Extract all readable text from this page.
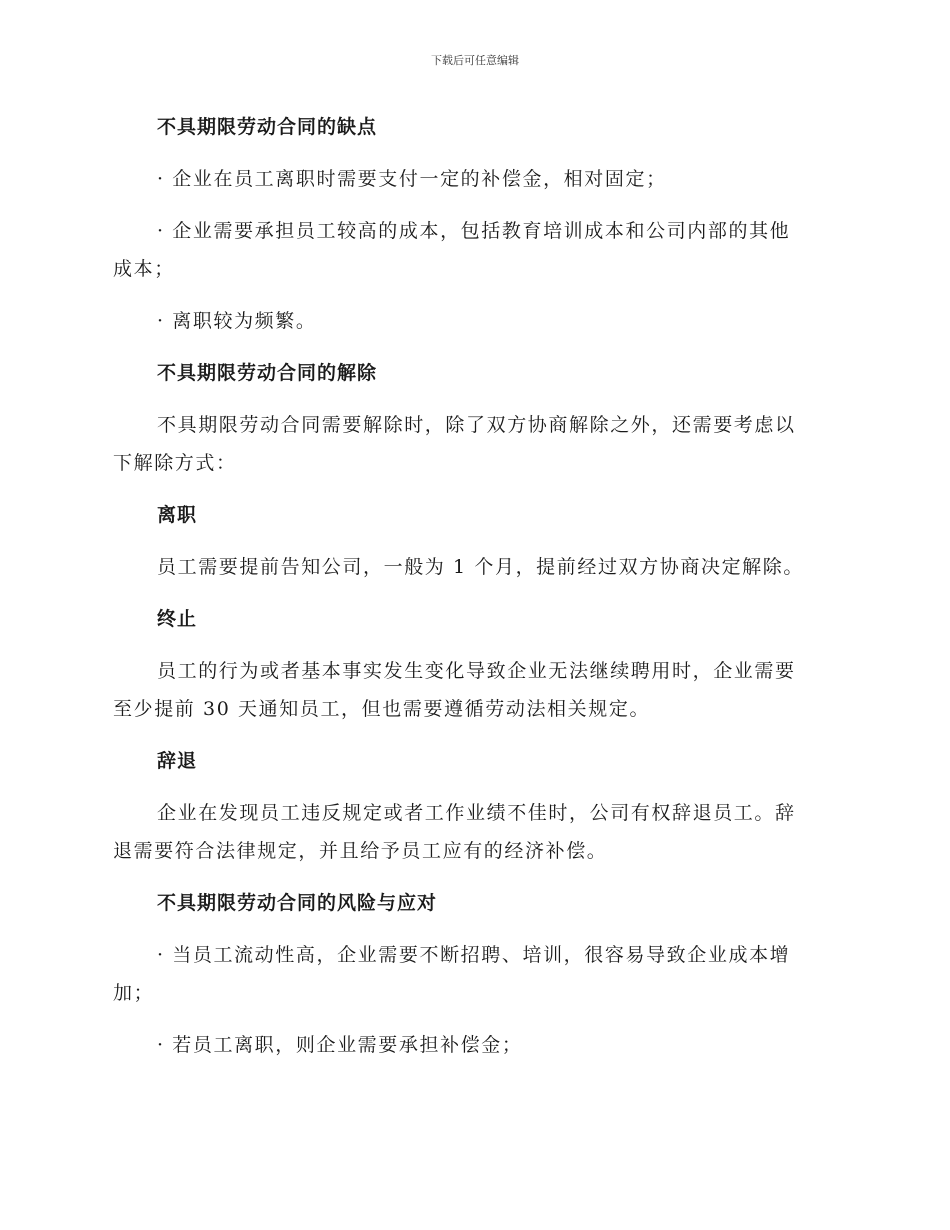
下载后可任意编辑
不具期限劳动合同的缺点
· 企业在员工离职时需要支付一定的补偿金，相对固定；
· 企业需要承担员工较高的成本，包括教育培训成本和公司内部的其他
成本；
· 离职较为频繁。
不具期限劳动合同的解除
不具期限劳动合同需要解除时，除了双方协商解除之外，还需要考虑以
下解除方式：
离职
员工需要提前告知公司，一般为 1 个月，提前经过双方协商决定解除。
终止
员工的行为或者基本事实发生变化导致企业无法继续聘用时，企业需要
至少提前 30 天通知员工，但也需要遵循劳动法相关规定。
辞退
企业在发现员工违反规定或者工作业绩不佳时，公司有权辞退员工。辞
退需要符合法律规定，并且给予员工应有的经济补偿。
不具期限劳动合同的风险与应对
· 当员工流动性高，企业需要不断招聘、培训，很容易导致企业成本增
加；
· 若员工离职，则企业需要承担补偿金；
